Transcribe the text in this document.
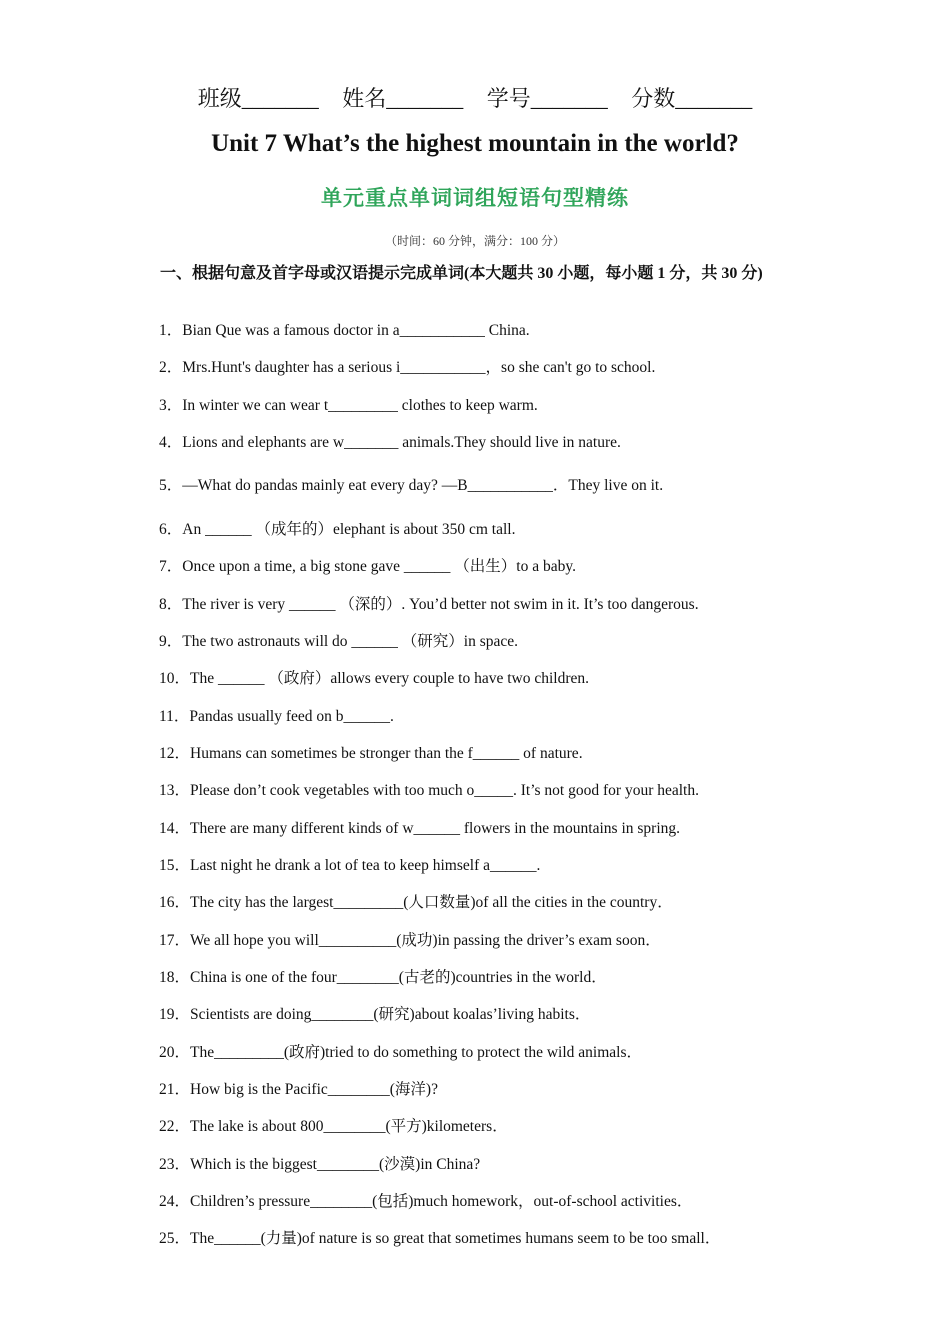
班级_______ 姓名_______ 学号_______ 分数_______
Unit 7 What’s the highest mountain in the world?
单元重点单词词组短语句型精练
（时间：60 分钟，满分：100 分）
一、根据句意及首字母或汉语提示完成单词(本大题共 30 小题，每小题 1 分，共 30 分)
1．Bian Que was a famous doctor in a___________ China.
2．Mrs.Hunt's daughter has a serious i___________，so she can't go to school.
3．In winter we can wear t_________ clothes to keep warm.
4．Lions and elephants are w_______ animals.They should live in nature.
5．—What do pandas mainly eat every day? —B___________．They live on it.
6．An ______ （成年的）elephant is about 350 cm tall.
7．Once upon a time, a big stone gave ______ （出生）to a baby.
8．The river is very ______ （深的）. You’d better not swim in it. It’s too dangerous.
9．The two astronauts will do ______ （研究）in space.
10．The ______ （政府）allows every couple to have two children.
11．Pandas usually feed on b______.
12．Humans can sometimes be stronger than the f______ of nature.
13．Please don’t cook vegetables with too much o_____. It’s not good for your health.
14．There are many different kinds of w______ flowers in the mountains in spring.
15．Last night he drank a lot of tea to keep himself a______.
16．The city has the largest_________(人口数量)of all the cities in the country．
17．We all hope you will__________(成功)in passing the driver’s exam soon．
18．China is one of the four________(古老的)countries in the world．
19．Scientists are doing________(研究)about koalas’living habits．
20．The_________(政府)tried to do something to protect the wild animals．
21．How big is the Pacific________(海洋)?
22．The lake is about 800________(平方)kilometers．
23．Which is the biggest________(沙漠)in China?
24．Children’s pressure________(包括)much homework，out-of-school activities．
25．The______(力量)of nature is so great that sometimes humans seem to be too small．
